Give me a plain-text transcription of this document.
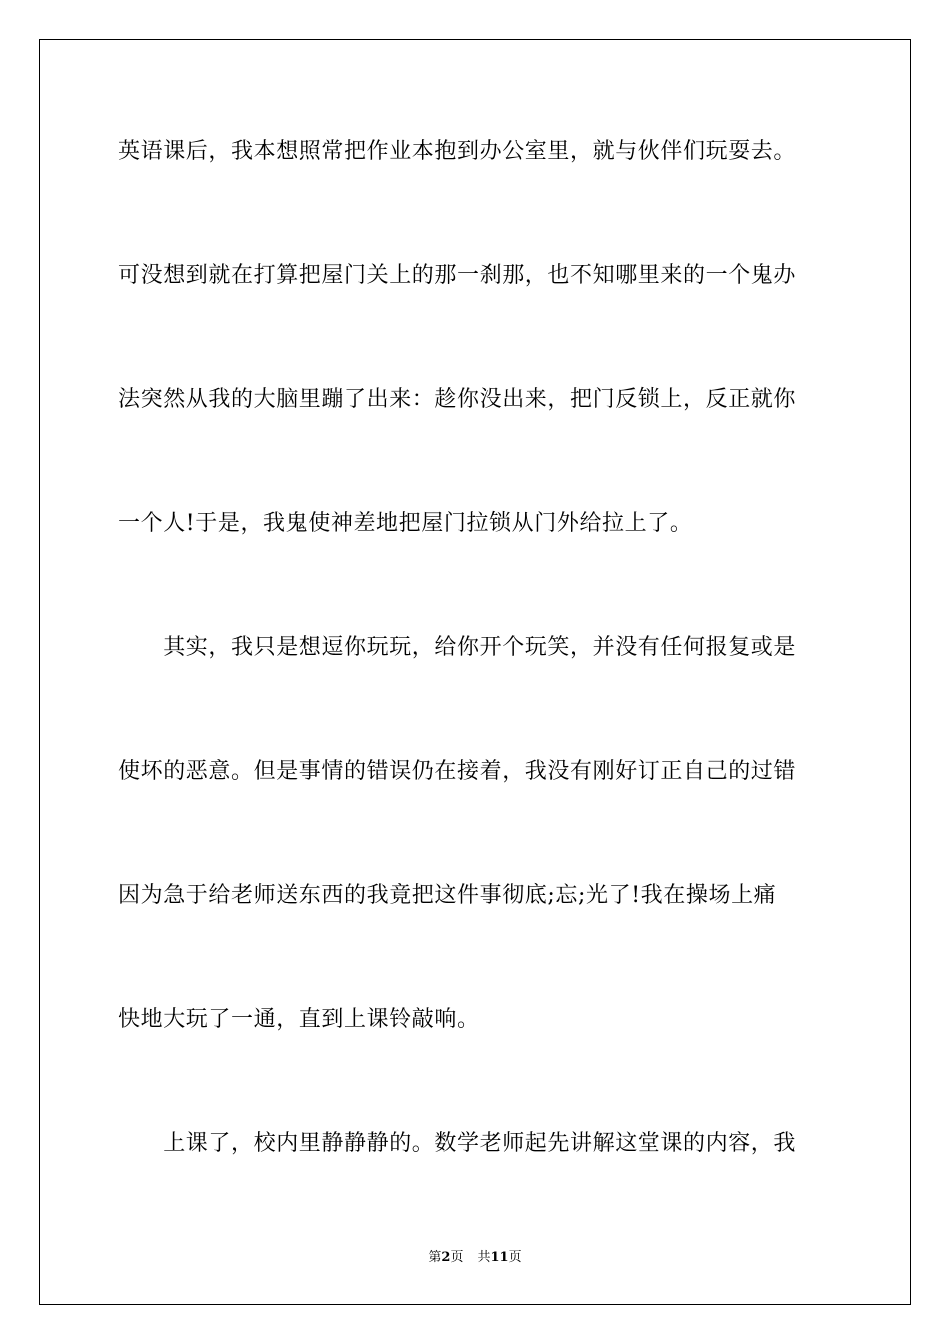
英语课后，我本想照常把作业本抱到办公室里，就与伙伴们玩耍去。
可没想到就在打算把屋门关上的那一刹那，也不知哪里来的一个鬼办
法突然从我的大脑里蹦了出来：趁你没出来，把门反锁上，反正就你
一个人!于是，我鬼使神差地把屋门拉锁从门外给拉上了。
　　其实，我只是想逗你玩玩，给你开个玩笑，并没有任何报复或是
使坏的恶意。但是事情的错误仍在接着，我没有刚好订正自己的过错
因为急于给老师送东西的我竟把这件事彻底;忘;光了!我在操场上痛
快地大玩了一通，直到上课铃敲响。
　　上课了，校内里静静静的。数学老师起先讲解这堂课的内容，我
第2页 共11页
